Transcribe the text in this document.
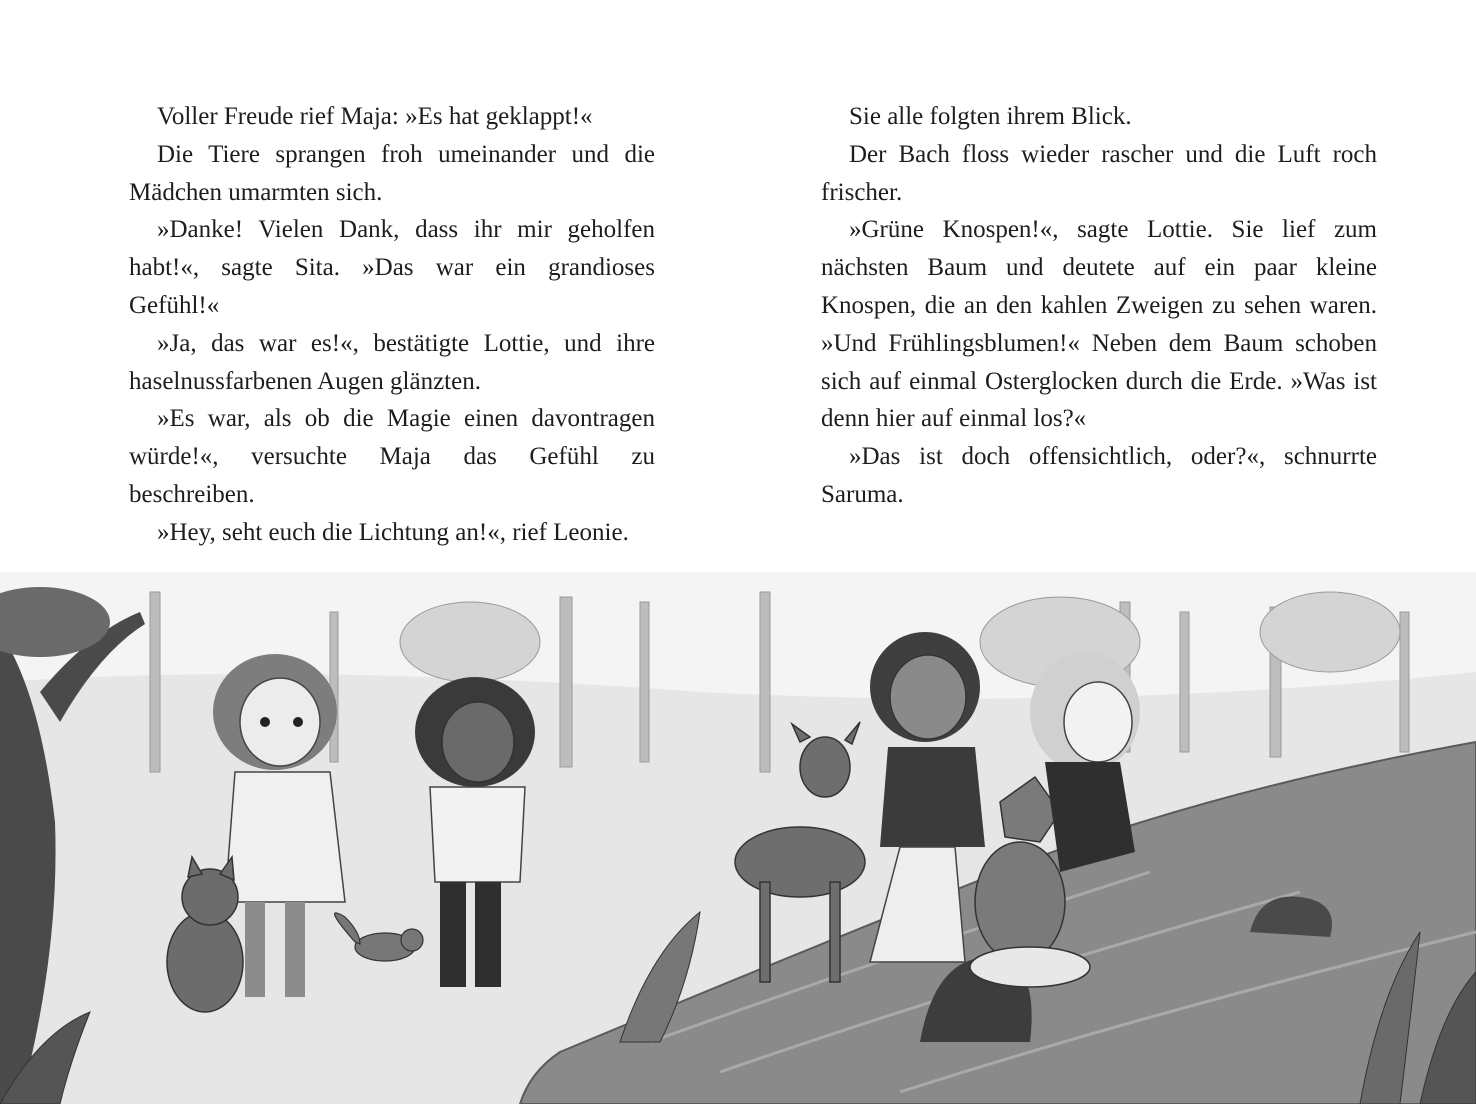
Voller Freude rief Maja: »Es hat geklappt!«

Die Tiere sprangen froh umeinander und die Mädchen umarmten sich.

»Danke! Vielen Dank, dass ihr mir geholfen habt!«, sagte Sita. »Das war ein grandioses Gefühl!«

»Ja, das war es!«, bestätigte Lottie, und ihre haselnussfarbenen Augen glänzten.

»Es war, als ob die Magie einen davontragen würde!«, versuchte Maja das Gefühl zu beschreiben.

»Hey, seht euch die Lichtung an!«, rief Leonie.

Sie alle folgten ihrem Blick.

Der Bach floss wieder rascher und die Luft roch frischer.

»Grüne Knospen!«, sagte Lottie. Sie lief zum nächsten Baum und deutete auf ein paar kleine Knospen, die an den kahlen Zweigen zu sehen waren. »Und Frühlingsblumen!« Neben dem Baum schoben sich auf einmal Osterglocken durch die Erde. »Was ist denn hier auf einmal los?«

»Das ist doch offensichtlich, oder?«, schnurrte Saruma.
